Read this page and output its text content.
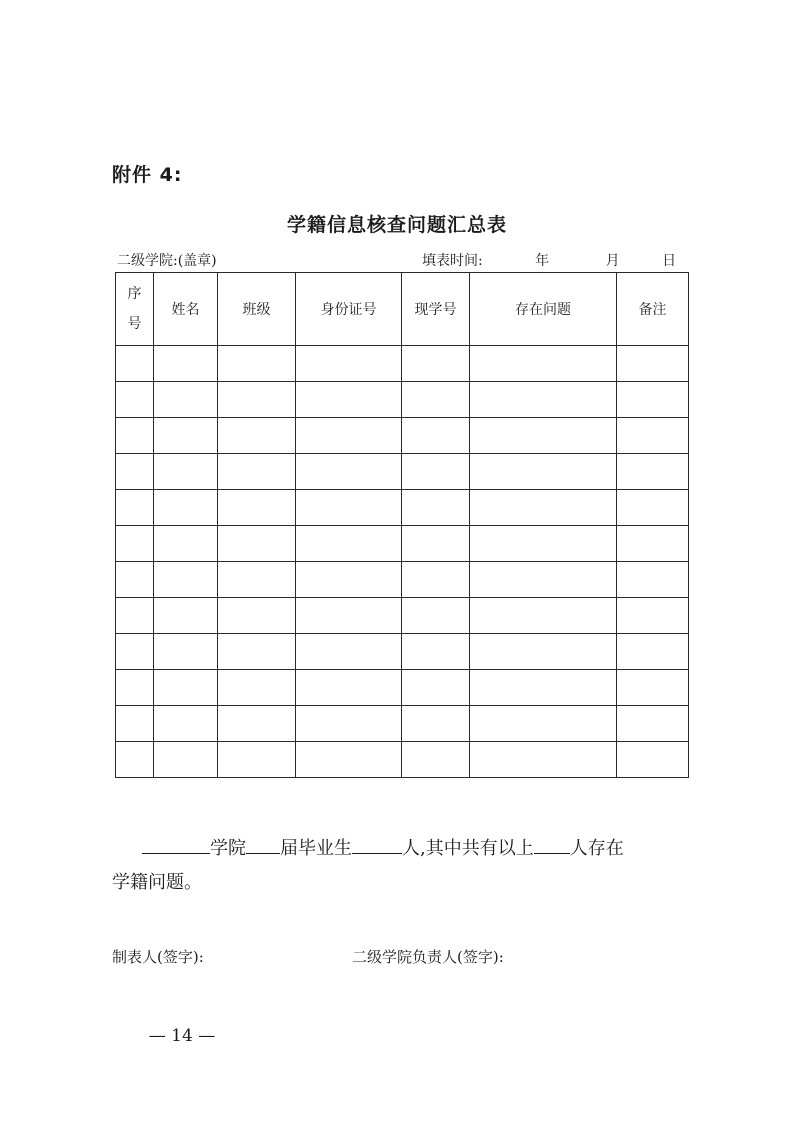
附件 4:
学籍信息核查问题汇总表
二级学院:(盖章)	填表时间:	年	月	日
序
号	姓名	班级	身份证号	现学号	存在问题	备注

学院 届毕业生	人,其中共有以上 人存在
学籍问题。
制表人(签字):	二级学院负责人(签字):
— 14 —
